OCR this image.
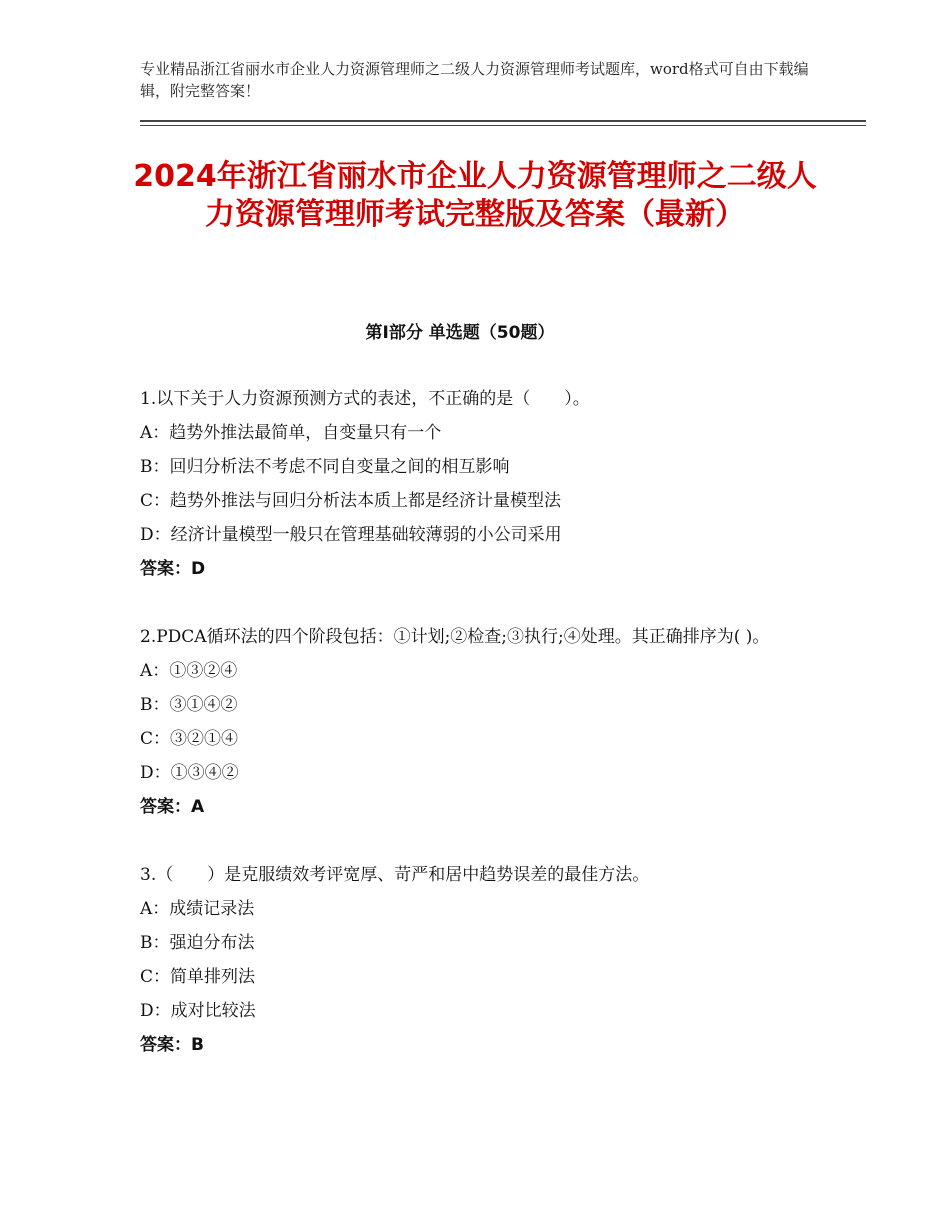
专业精品浙江省丽水市企业人力资源管理师之二级人力资源管理师考试题库，word格式可自由下载编辑，附完整答案！
2024年浙江省丽水市企业人力资源管理师之二级人力资源管理师考试完整版及答案（最新）
第Ⅰ部分 单选题（50题）
1.以下关于人力资源预测方式的表述，不正确的是（　　）。
A：趋势外推法最简单，自变量只有一个
B：回归分析法不考虑不同自变量之间的相互影响
C：趋势外推法与回归分析法本质上都是经济计量模型法
D：经济计量模型一般只在管理基础较薄弱的小公司采用
答案：D
2.PDCA循环法的四个阶段包括：①计划;②检查;③执行;④处理。其正确排序为( )。
A：①③②④
B：③①④②
C：③②①④
D：①③④②
答案：A
3.（　　）是克服绩效考评宽厚、苛严和居中趋势误差的最佳方法。
A：成绩记录法
B：强迫分布法
C：简单排列法
D：成对比较法
答案：B
